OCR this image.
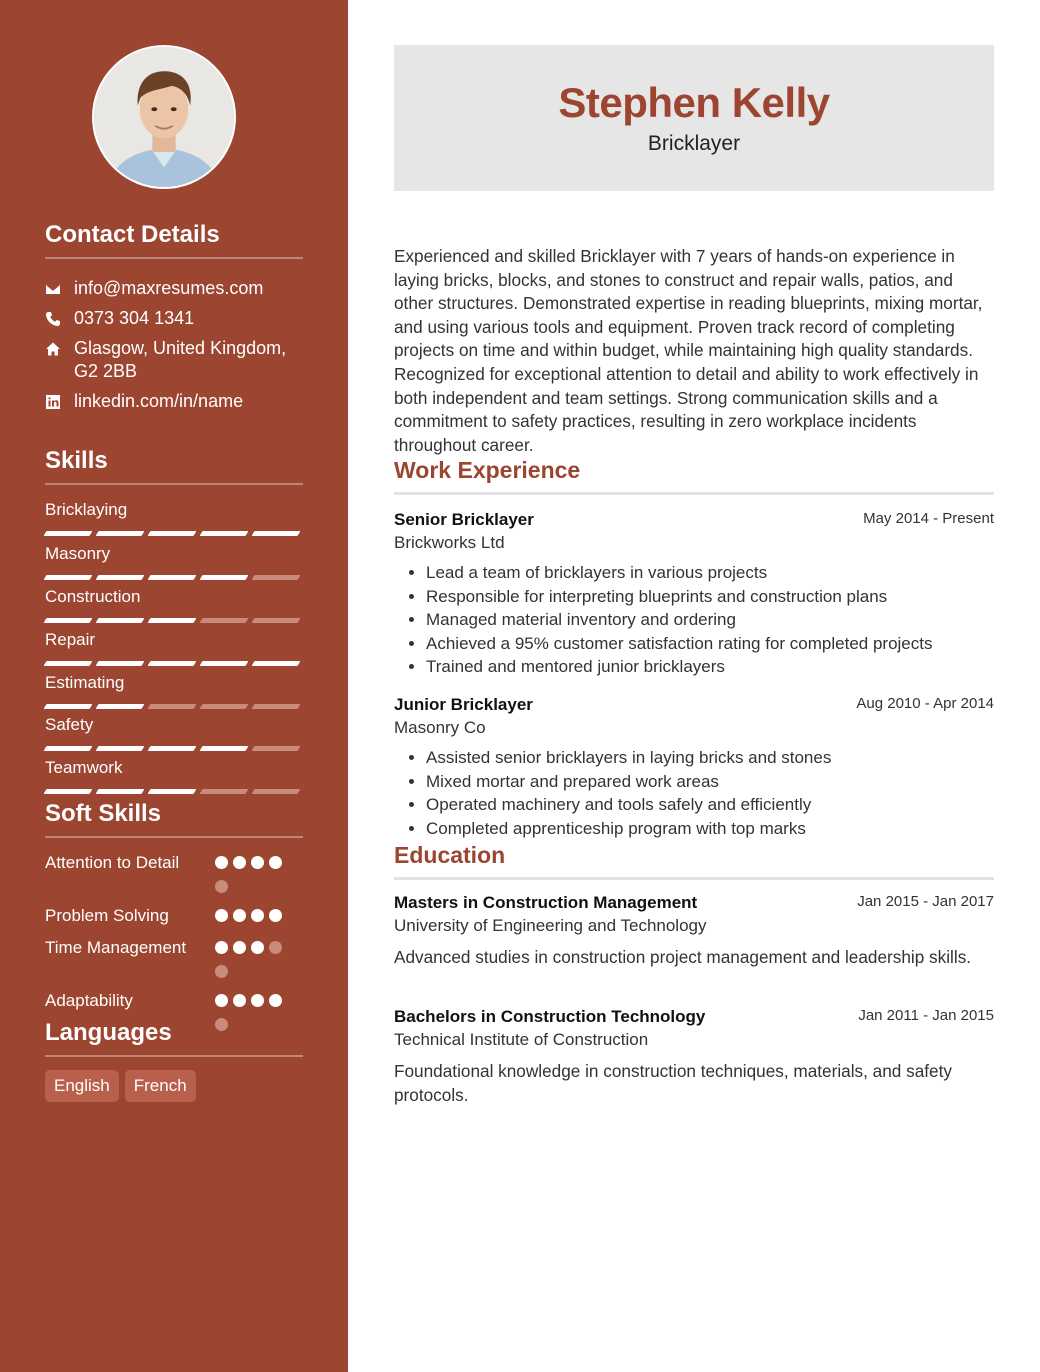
Contact Details
info@maxresumes.com
0373 304 1341
Glasgow, United Kingdom,
G2 2BB
linkedin.com/in/name
Skills
Bricklaying
Masonry
Construction
Repair
Estimating
Safety
Teamwork
Soft Skills
Attention to Detail
Problem Solving
Time Management
Adaptability
Languages
English	French
Stephen Kelly
Bricklayer
Experienced and skilled Bricklayer with 7 years of hands-on experience in laying bricks, blocks, and stones to construct and repair walls, patios, and other structures. Demonstrated expertise in reading blueprints, mixing mortar, and using various tools and equipment. Proven track record of completing projects on time and within budget, while maintaining high quality standards. Recognized for exceptional attention to detail and ability to work effectively in both independent and team settings. Strong communication skills and a commitment to safety practices, resulting in zero workplace incidents throughout career.
Work Experience
Senior Bricklayer	May 2014 - Present
Brickworks Ltd
• Lead a team of bricklayers in various projects
• Responsible for interpreting blueprints and construction plans
• Managed material inventory and ordering
• Achieved a 95% customer satisfaction rating for completed projects
• Trained and mentored junior bricklayers
Junior Bricklayer	Aug 2010 - Apr 2014
Masonry Co
• Assisted senior bricklayers in laying bricks and stones
• Mixed mortar and prepared work areas
• Operated machinery and tools safely and efficiently
• Completed apprenticeship program with top marks
Education
Masters in Construction Management	Jan 2015 - Jan 2017
University of Engineering and Technology
Advanced studies in construction project management and leadership skills.
Bachelors in Construction Technology	Jan 2011 - Jan 2015
Technical Institute of Construction
Foundational knowledge in construction techniques, materials, and safety protocols.
